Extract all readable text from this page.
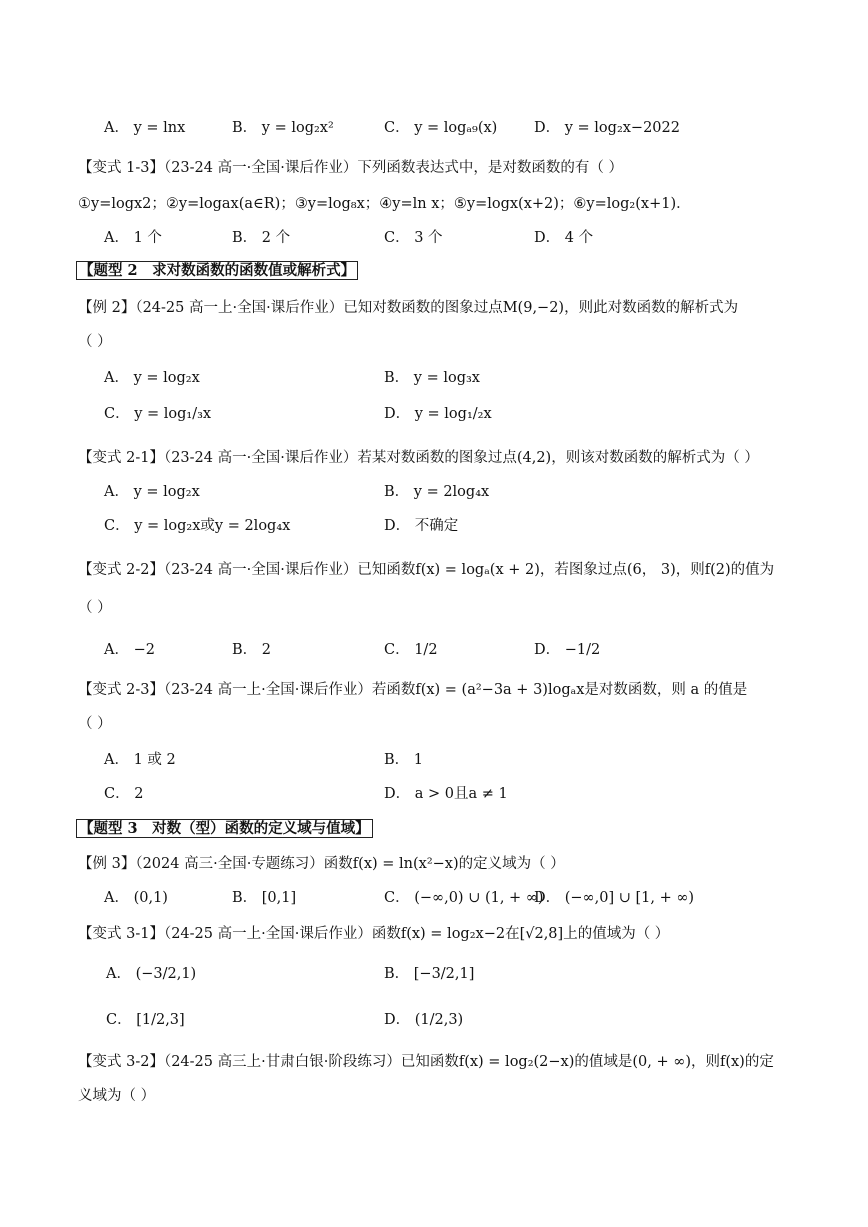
A． y = lnx	B． y = log₂x²	C． y = logₐ₉(x)	D． y = log₂x−2022
【变式 1-3】（23-24 高一·全国·课后作业）下列函数表达式中，是对数函数的有（ ）
①y=logx2；②y=logax(a∈R)；③y=log₈x；④y=ln x；⑤y=logx(x+2)；⑥y=log₂(x+1)．
A． 1 个	B． 2 个	C． 3 个	D． 4 个
【题型 2　求对数函数的函数值或解析式】
【例 2】（24-25 高一上·全国·课后作业）已知对数函数的图象过点M(9,−2)，则此对数函数的解析式为
（ ）
A． y = log₂x	B． y = log₃x
C． y = log₁/₃x	D． y = log₁/₂x
【变式 2-1】（23-24 高一·全国·课后作业）若某对数函数的图象过点(4,2)，则该对数函数的解析式为（ ）
A． y = log₂x	B． y = 2log₄x
C． y = log₂x或y = 2log₄x	D． 不确定
【变式 2-2】（23-24 高一·全国·课后作业）已知函数f(x) = logₐ(x + 2)，若图象过点(6， 3)，则f(2)的值为
（ ）
A． −2	B． 2	C． 1/2	D． −1/2
【变式 2-3】（23-24 高一上·全国·课后作业）若函数f(x) = (a²−3a + 3)logₐx是对数函数，则 a 的值是
（ ）
A． 1 或 2	B． 1
C． 2	D． a > 0且a ≠ 1
【题型 3　对数（型）函数的定义域与值域】
【例 3】（2024 高三·全国·专题练习）函数f(x) = ln(x²−x)的定义域为（ ）
A． (0,1)	B． [0,1]	C． (−∞,0) ∪ (1, + ∞)
D． (−∞,0] ∪ [1, + ∞)
【变式 3-1】（24-25 高一上·全国·课后作业）函数f(x) = log₂x−2在[√2,8]上的值域为（ ）
A． (−3/2,1)	B． [−3/2,1]
C． [1/2,3]	D． (1/2,3)
【变式 3-2】（24-25 高三上·甘肃白银·阶段练习）已知函数f(x) = log₂(2−x)的值域是(0, + ∞)，则f(x)的定
义域为（ ）
